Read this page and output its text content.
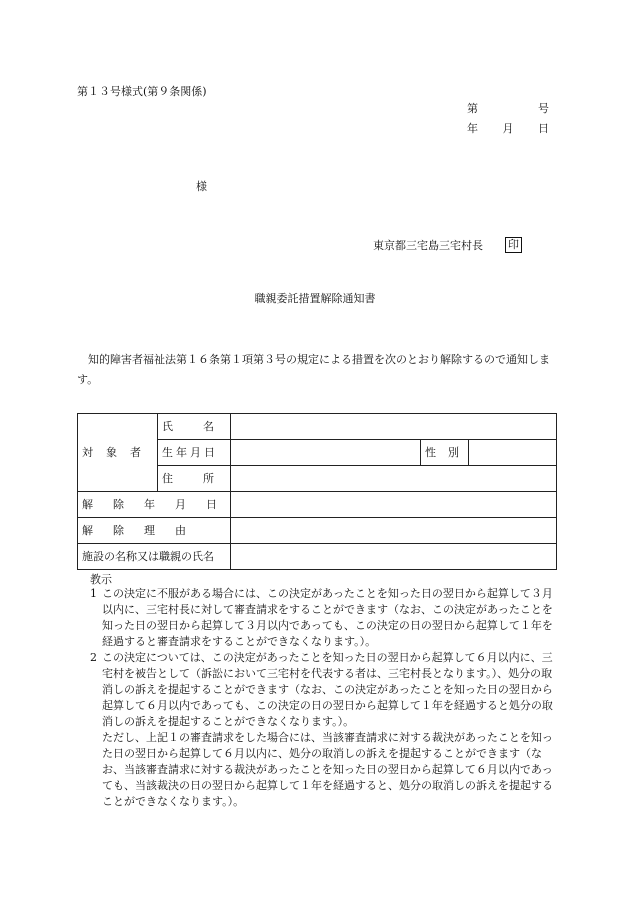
第１３号様式(第９条関係)
第	号
年 月 日
様
東京都三宅島三宅村長 印
職親委託措置解除通知書
知的障害者福祉法第１６条第１項第３号の規定による措置を次のとおり解除するので通知します。
対象者	氏名			
	生年月日		性別	
	住所			
解除年月日				
解除理由				
施設の名称又は職親の氏名				
教示

1 この決定に不服がある場合には、この決定があったことを知った日の翌日から起算して３月以内に、三宅村長に対して審査請求をすることができます（なお、この決定があったことを知った日の翌日から起算して３月以内であっても、この決定の日の翌日から起算して１年を経過すると審査請求をすることができなくなります。）。

2 この決定については、この決定があったことを知った日の翌日から起算して６月以内に、三宅村を被告として（訴訟において三宅村を代表する者は、三宅村長となります。）、処分の取消しの訴えを提起することができます（なお、この決定があったことを知った日の翌日から起算して６月以内であっても、この決定の日の翌日から起算して１年を経過すると処分の取消しの訴えを提起することができなくなります。）。

ただし、上記１の審査請求をした場合には、当該審査請求に対する裁決があったことを知った日の翌日から起算して６月以内に、処分の取消しの訴えを提起することができます（なお、当該審査請求に対する裁決があったことを知った日の翌日から起算して６月以内であっても、当該裁決の日の翌日から起算して１年を経過すると、処分の取消しの訴えを提起することができなくなります。）。
